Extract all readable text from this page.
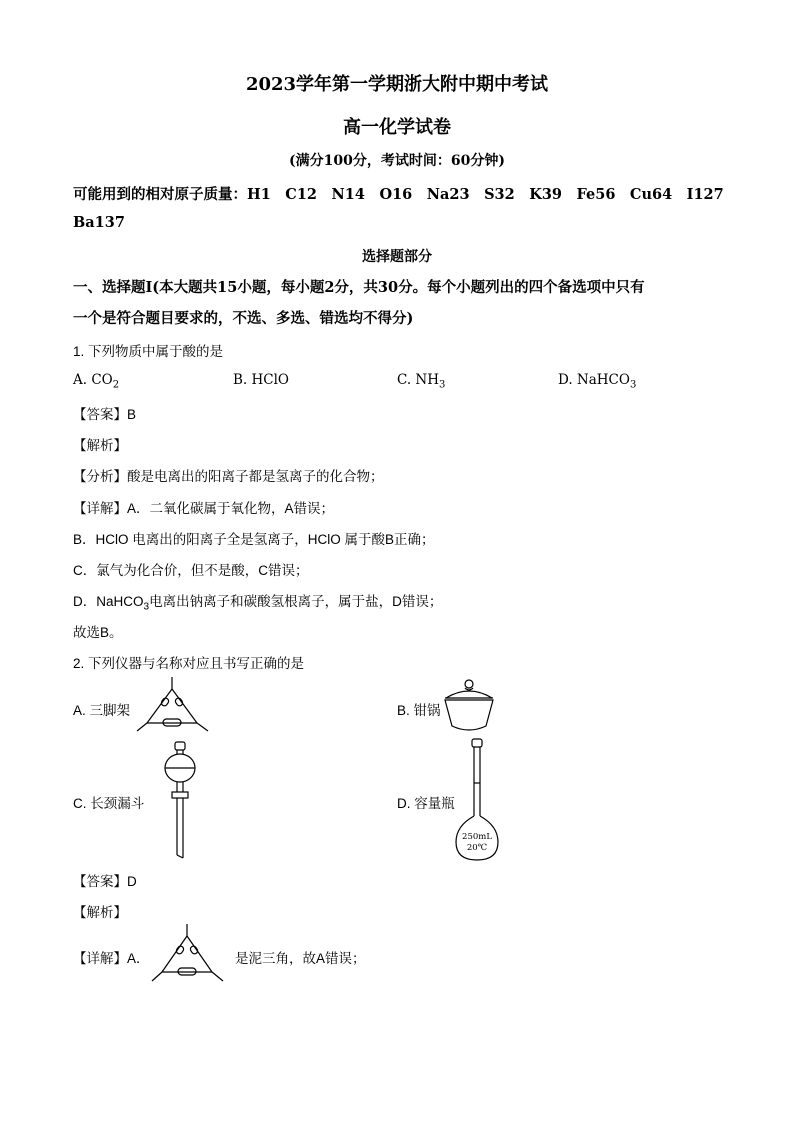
2023学年第一学期浙大附中期中考试
高一化学试卷
(满分100分，考试时间：60分钟)
可能用到的相对原子质量：H1　C12　N14　O16　Na23　S32　K39　Fe56　Cu64　I127
Ba137
选择题部分
一、选择题Ⅰ(本大题共15小题，每小题2分，共30分。每个小题列出的四个备选项中只有
一个是符合题目要求的，不选、多选、错选均不得分)
1. 下列物质中属于酸的是
A. $CO_2$	B. HClO	C. $NH_3$	D. NaHCO$_3$
【答案】B
【解析】
【分析】酸是电离出的阳离子都是氢离子的化合物；
【详解】A．二氧化碳属于氧化物，A错误；
B．HClO 电离出的阳离子全是氢离子，HClO 属于酸B正确；
C．氯气为化合价，但不是酸，C错误；
D．NaHCO$_3$电离出钠离子和碳酸氢根离子，属于盐，D错误；
故选B。
2. 下列仪器与名称对应且书写正确的是
A. 三脚架	B. 钳锅
C. 长颈漏斗	D. 容量瓶
250mL
20℃
【答案】D
【解析】
【详解】A．	是泥三角，故A错误；
